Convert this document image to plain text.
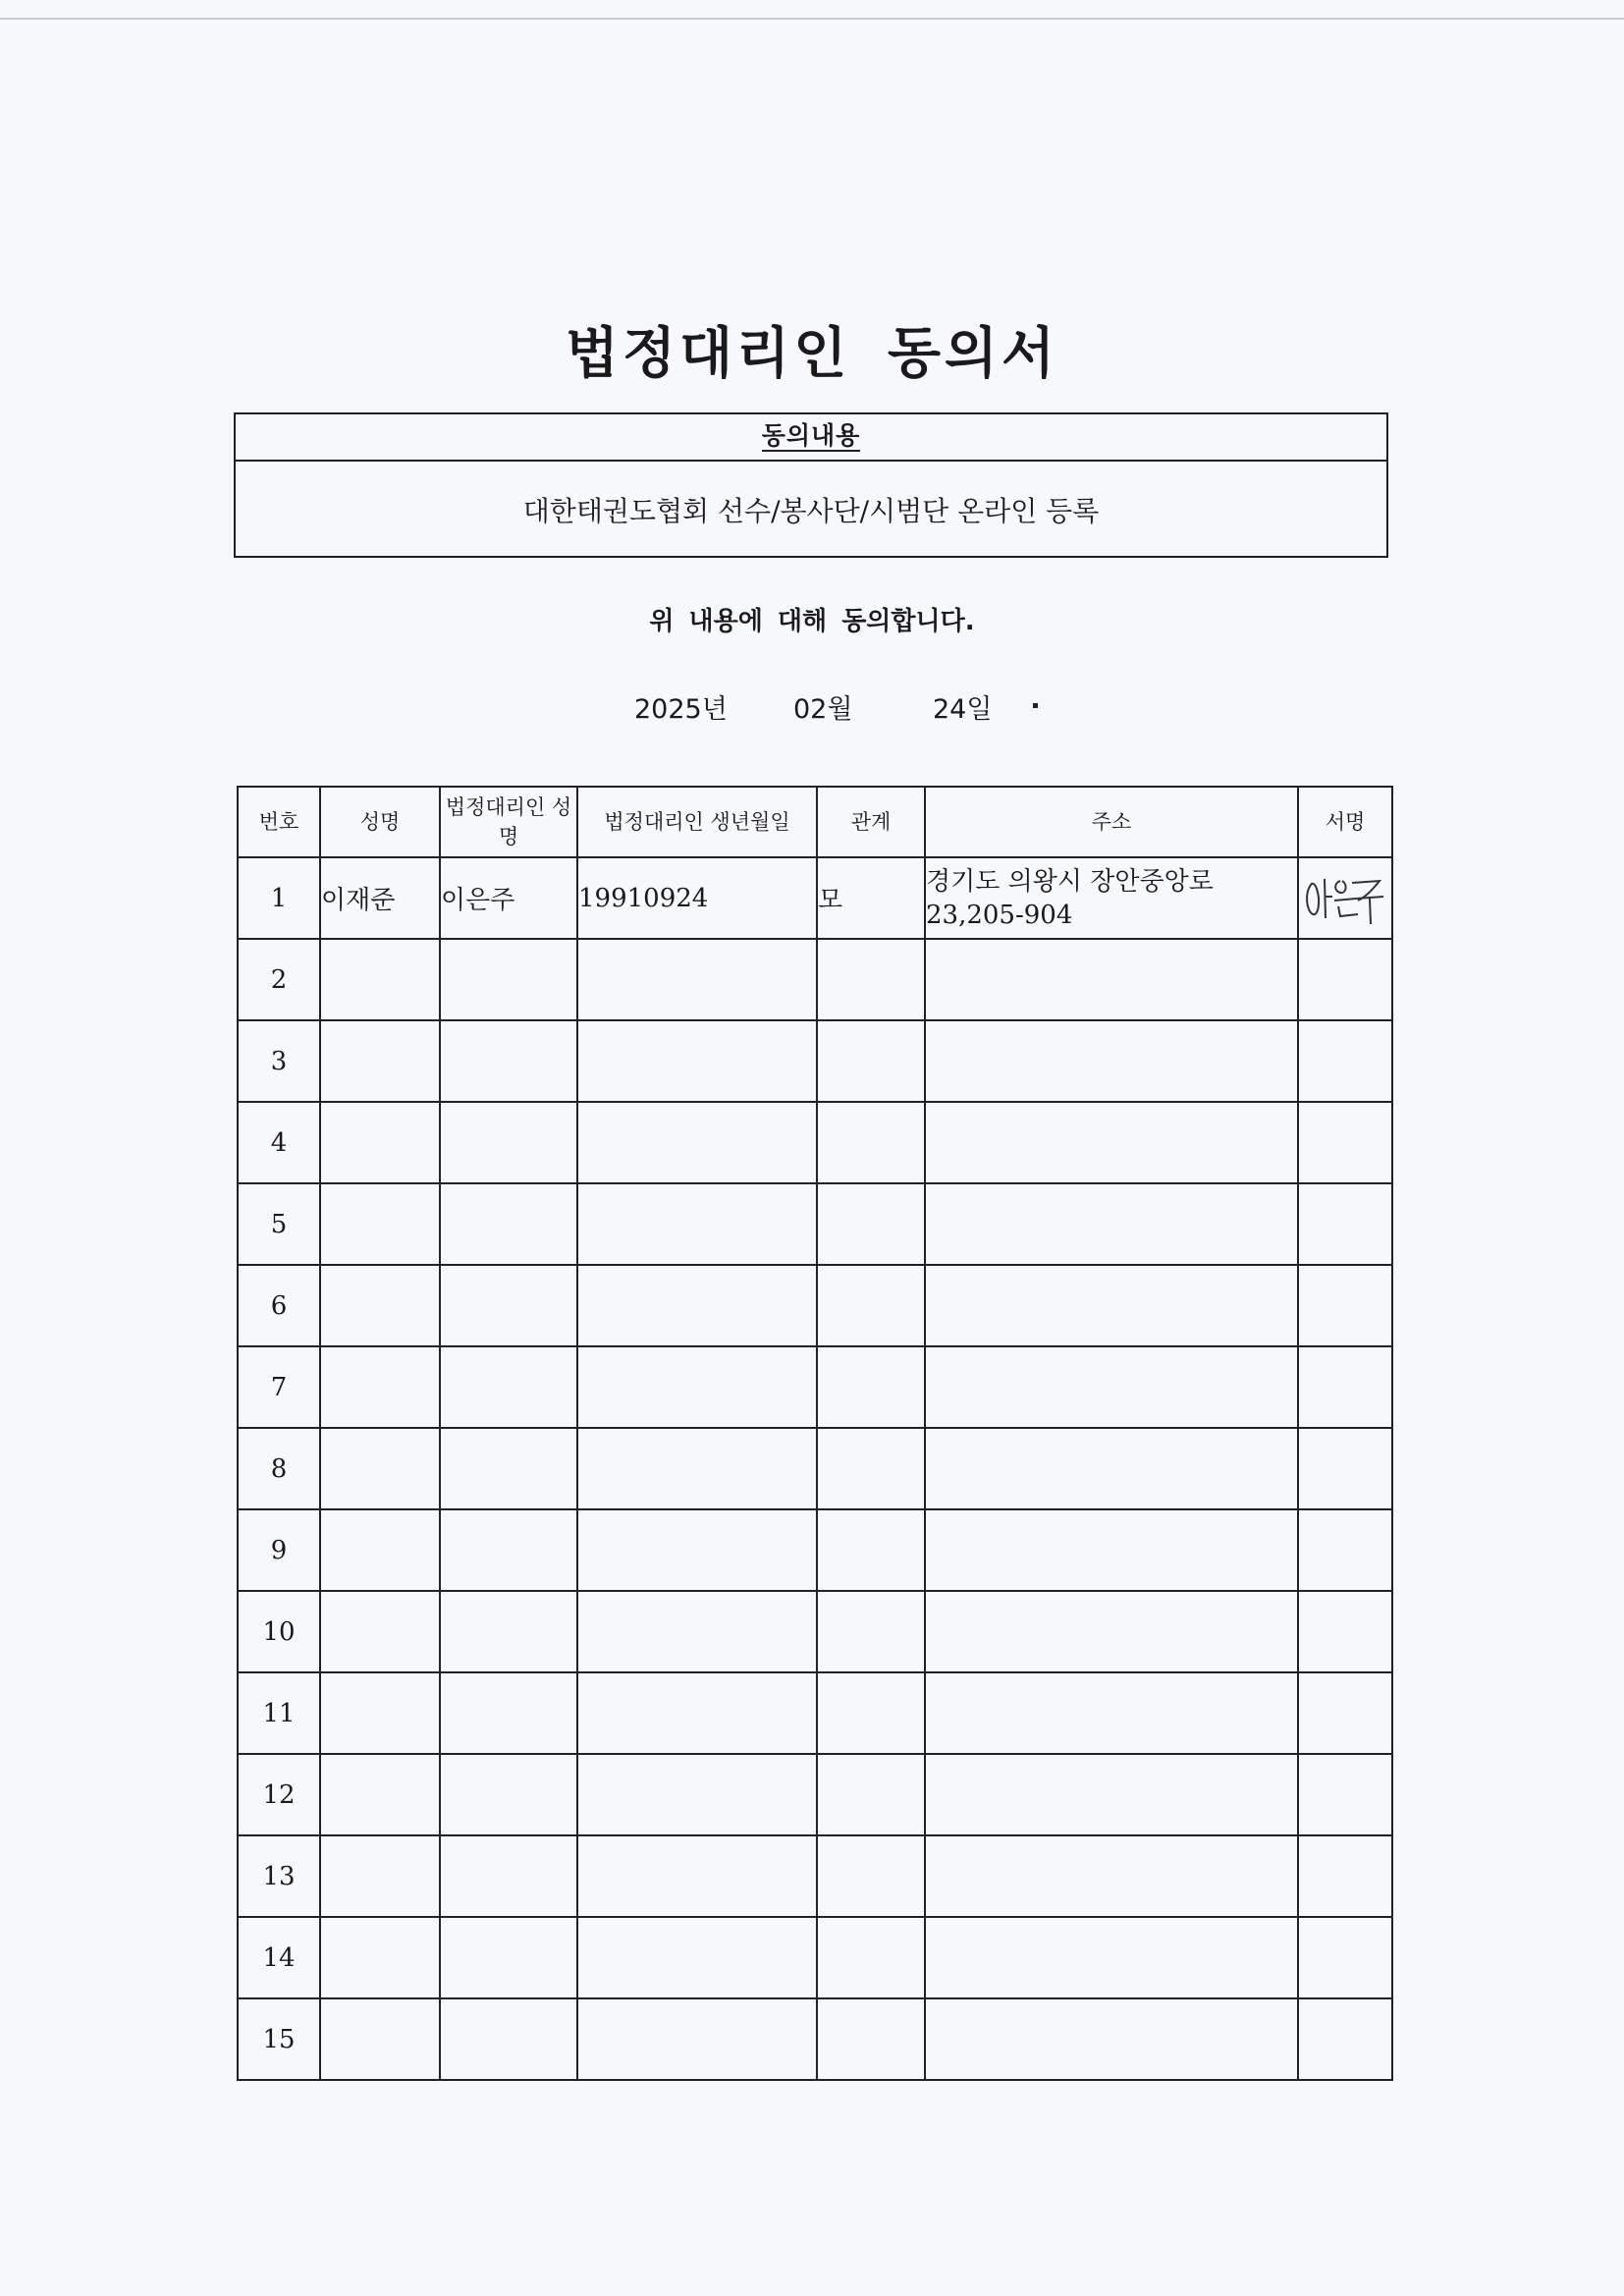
법정대리인 동의서
동의내용
대한태권도협회 선수/봉사단/시범단 온라인 등록
위 내용에 대해 동의합니다.
2025년 02월	24일
번호	성명	법정대리인 성명	법정대리인 생년월일	관계	주소	서명
1	이재준	이은주	19910924	모	경기도 의왕시 장안중앙로
23,205-904

2						
3						
4						
5						
6						
7						
8						
9						
10						
11						
12						
13						
14						
15						
